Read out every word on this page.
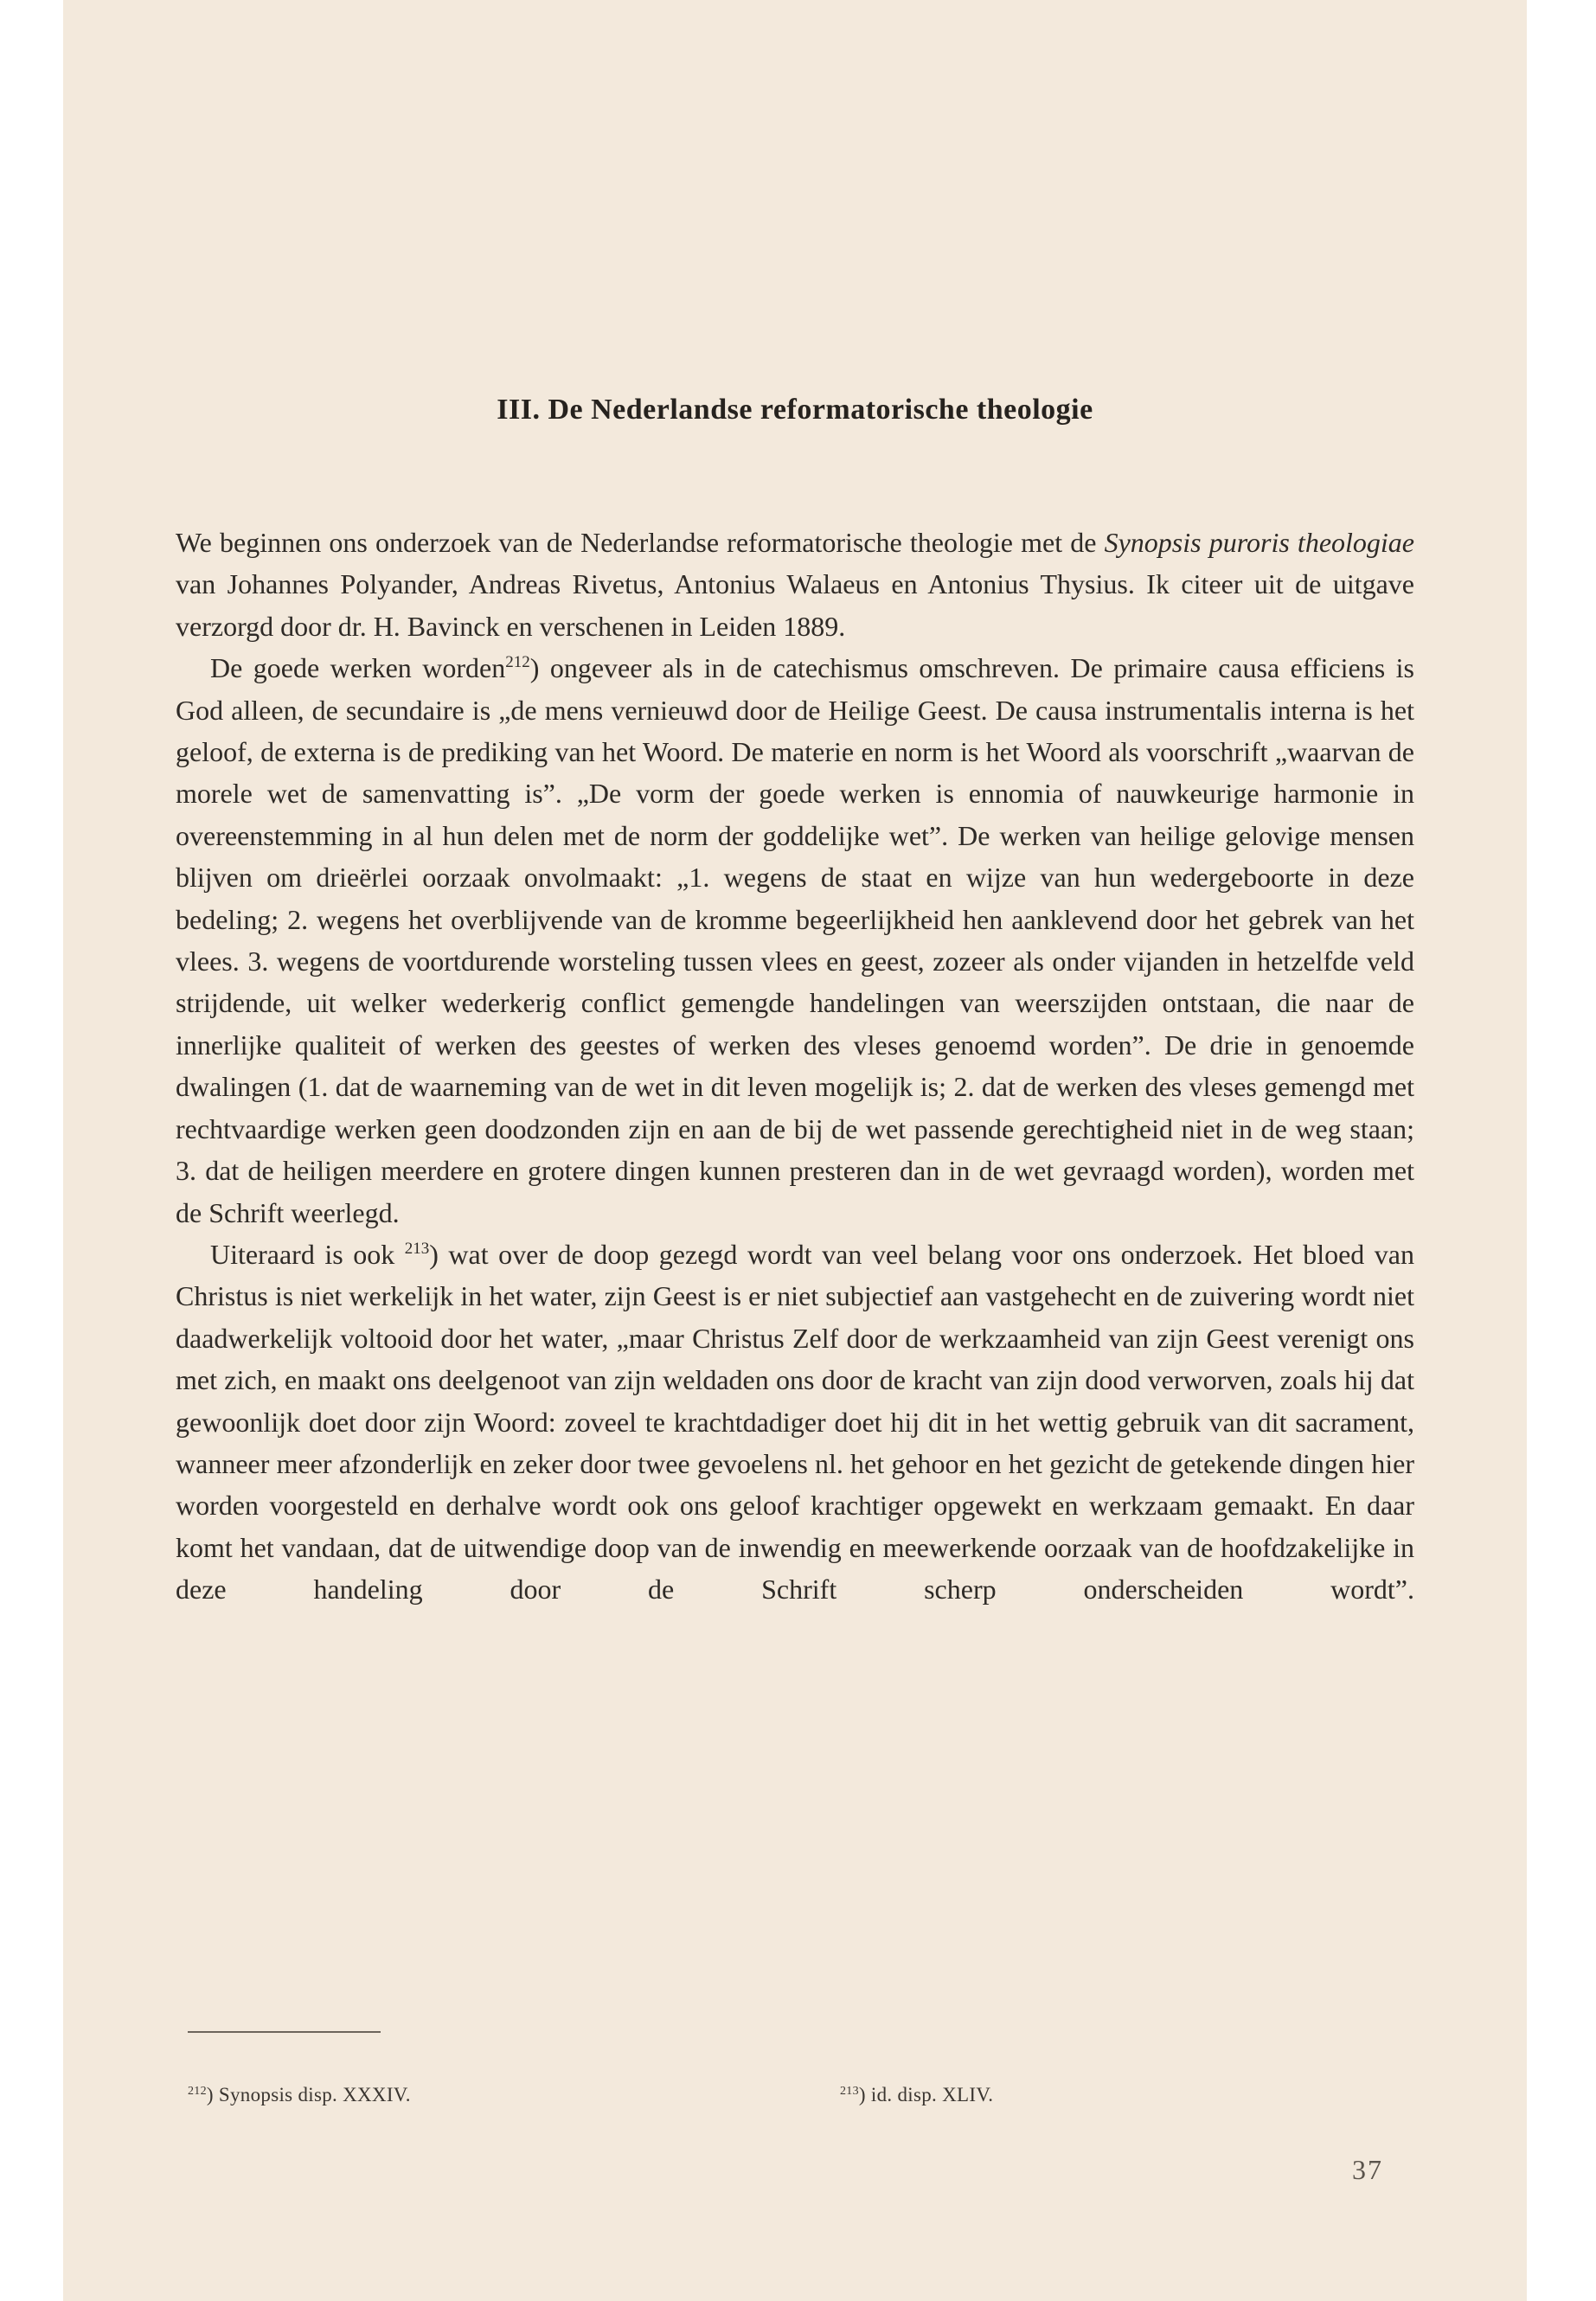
III. De Nederlandse reformatorische theologie

We beginnen ons onderzoek van de Nederlandse reformatorische theologie met de Synopsis puroris theologiae van Johannes Polyander, Andreas Rivetus, Antonius Walaeus en Antonius Thysius. Ik citeer uit de uitgave verzorgd door dr. H. Bavinck en verschenen in Leiden 1889.

De goede werken worden$^{212}$) ongeveer als in de catechismus omschreven. De primaire causa efficiens is God alleen, de secundaire is „de mens vernieuwd door de Heilige Geest. De causa instrumentalis interna is het geloof, de externa is de prediking van het Woord. De materie en norm is het Woord als voorschrift „waarvan de morele wet de samenvatting is”. „De vorm der goede werken is ennomia of nauwkeurige harmonie in overeenstemming in al hun delen met de norm der goddelijke wet”. De werken van heilige gelovige mensen blijven om drieërlei oorzaak onvolmaakt: „1. wegens de staat en wijze van hun wedergeboorte in deze bedeling; 2. wegens het overblijvende van de kromme begeerlijkheid hen aanklevend door het gebrek van het vlees. 3. wegens de voortdurende worsteling tussen vlees en geest, zozeer als onder vijanden in hetzelfde veld strijdende, uit welker wederkerig conflict gemengde handelingen van weerszijden ontstaan, die naar de innerlijke qualiteit of werken des geestes of werken des vleses genoemd worden”. De drie in genoemde dwalingen (1. dat de waarneming van de wet in dit leven mogelijk is; 2. dat de werken des vleses gemengd met rechtvaardige werken geen doodzonden zijn en aan de bij de wet passende gerechtigheid niet in de weg staan; 3. dat de heiligen meerdere en grotere dingen kunnen presteren dan in de wet gevraagd worden), worden met de Schrift weerlegd.

Uiteraard is ook $^{213}$) wat over de doop gezegd wordt van veel belang voor ons onderzoek. Het bloed van Christus is niet werkelijk in het water, zijn Geest is er niet subjectief aan vastgehecht en de zuivering wordt niet daadwerkelijk voltooid door het water, „maar Christus Zelf door de werkzaamheid van zijn Geest verenigt ons met zich, en maakt ons deelgenoot van zijn weldaden ons door de kracht van zijn dood verworven, zoals hij dat gewoonlijk doet door zijn Woord: zoveel te krachtdadiger doet hij dit in het wettig gebruik van dit sacrament, wanneer meer afzonderlijk en zeker door twee gevoelens nl. het gehoor en het gezicht de getekende dingen hier worden voorgesteld en derhalve wordt ook ons geloof krachtiger opgewekt en werkzaam gemaakt. En daar komt het vandaan, dat de uitwendige doop van de inwendig en meewerkende oorzaak van de hoofdzakelijke in deze handeling door de Schrift scherp onderscheiden wordt”.

$^{212}$) Synopsis disp. XXXIV.	$^{213}$) id. disp. XLIV.
37
